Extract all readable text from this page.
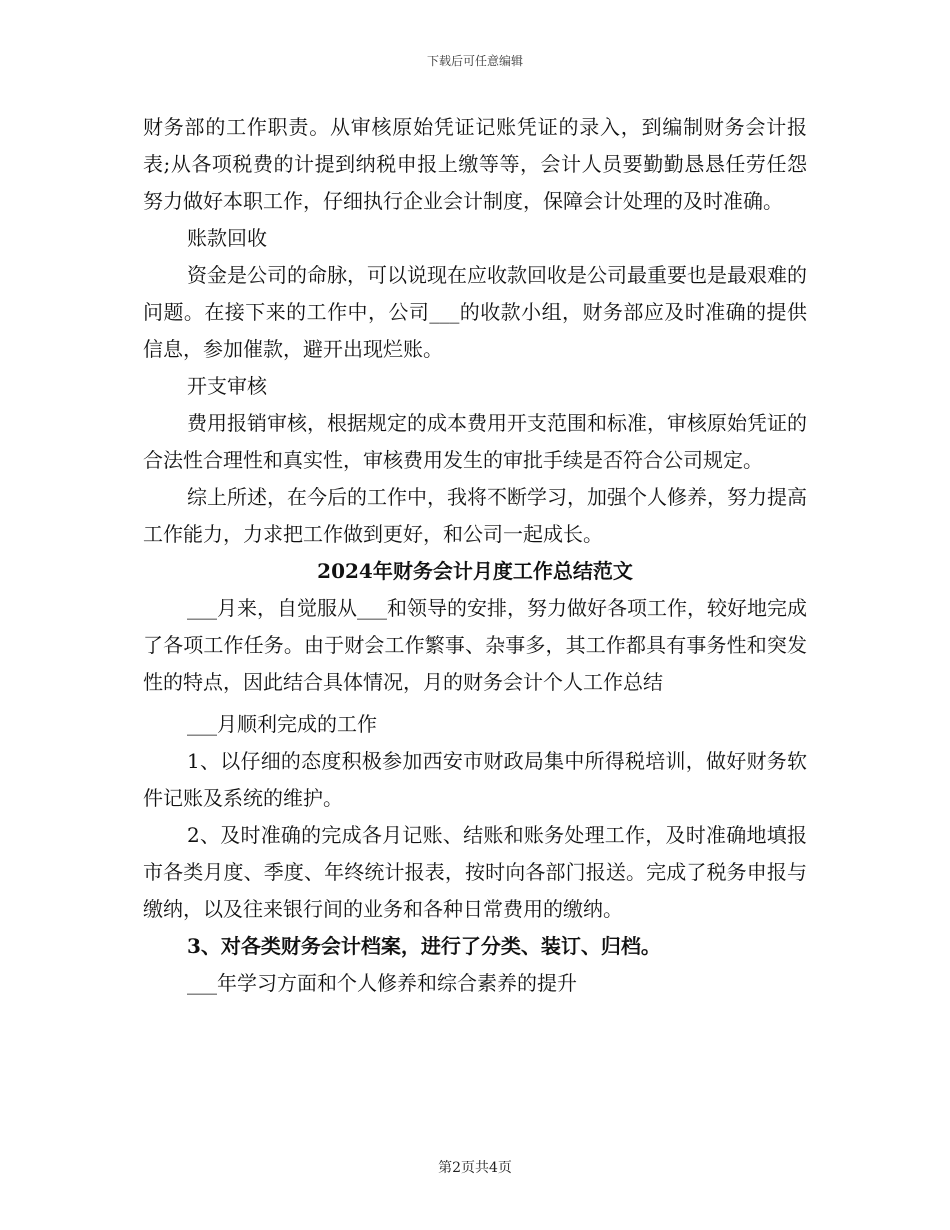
下载后可任意编辑

财务部的工作职责。从审核原始凭证记账凭证的录入，到编制财务会计报表;从各项税费的计提到纳税申报上缴等等，会计人员要勤勤恳恳任劳任怨努力做好本职工作，仔细执行企业会计制度，保障会计处理的及时准确。

账款回收

资金是公司的命脉，可以说现在应收款回收是公司最重要也是最艰难的问题。在接下来的工作中，公司___的收款小组，财务部应及时准确的提供信息，参加催款，避开出现烂账。

开支审核

费用报销审核，根据规定的成本费用开支范围和标准，审核原始凭证的合法性合理性和真实性，审核费用发生的审批手续是否符合公司规定。

综上所述，在今后的工作中，我将不断学习，加强个人修养，努力提高工作能力，力求把工作做到更好，和公司一起成长。

2024年财务会计月度工作总结范文

___月来，自觉服从___和领导的安排，努力做好各项工作，较好地完成了各项工作任务。由于财会工作繁事、杂事多，其工作都具有事务性和突发性的特点，因此结合具体情况，月的财务会计个人工作总结

___月顺利完成的工作

1、以仔细的态度积极参加西安市财政局集中所得税培训，做好财务软件记账及系统的维护。

2、及时准确的完成各月记账、结账和账务处理工作，及时准确地填报市各类月度、季度、年终统计报表，按时向各部门报送。完成了税务申报与缴纳，以及往来银行间的业务和各种日常费用的缴纳。

3、对各类财务会计档案，进行了分类、装订、归档。

___年学习方面和个人修养和综合素养的提升

第2页共4页
